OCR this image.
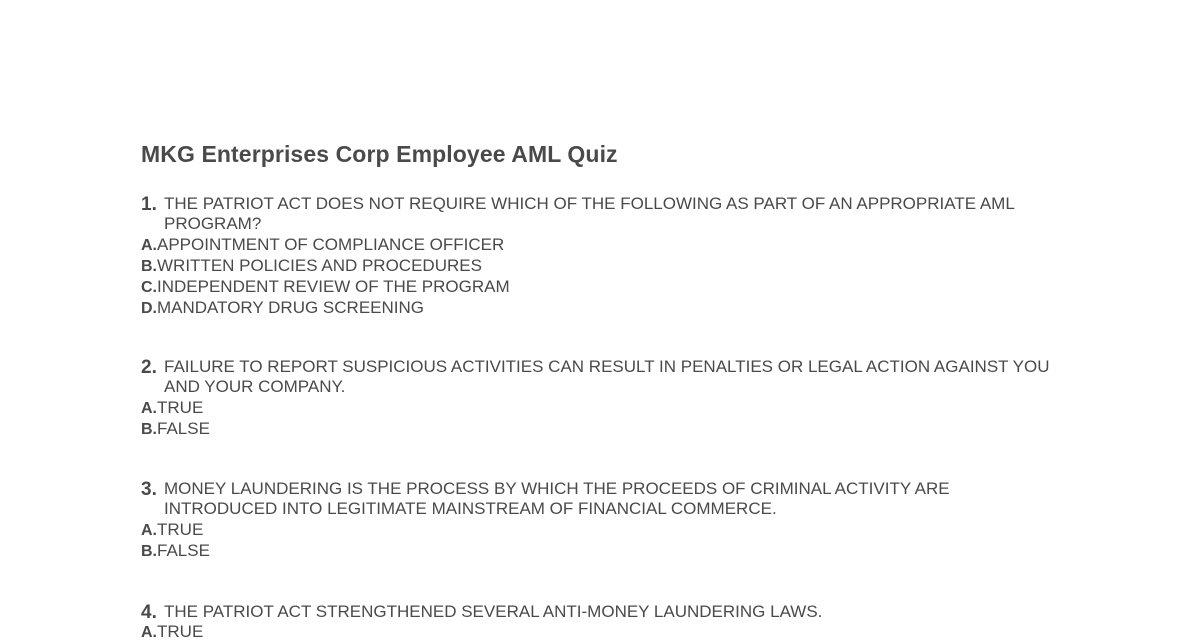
MKG Enterprises Corp Employee AML Quiz
1. THE PATRIOT ACT DOES NOT REQUIRE WHICH OF THE FOLLOWING AS PART OF AN APPROPRIATE AML PROGRAM?
A.APPOINTMENT OF COMPLIANCE OFFICER
B.WRITTEN POLICIES AND PROCEDURES
C.INDEPENDENT REVIEW OF THE PROGRAM
D.MANDATORY DRUG SCREENING
2. FAILURE TO REPORT SUSPICIOUS ACTIVITIES CAN RESULT IN PENALTIES OR LEGAL ACTION AGAINST YOU AND YOUR COMPANY.
A.TRUE
B.FALSE
3. MONEY LAUNDERING IS THE PROCESS BY WHICH THE PROCEEDS OF CRIMINAL ACTIVITY ARE INTRODUCED INTO LEGITIMATE MAINSTREAM OF FINANCIAL COMMERCE.
A.TRUE
B.FALSE
4. THE PATRIOT ACT STRENGTHENED SEVERAL ANTI-MONEY LAUNDERING LAWS.
A.TRUE
